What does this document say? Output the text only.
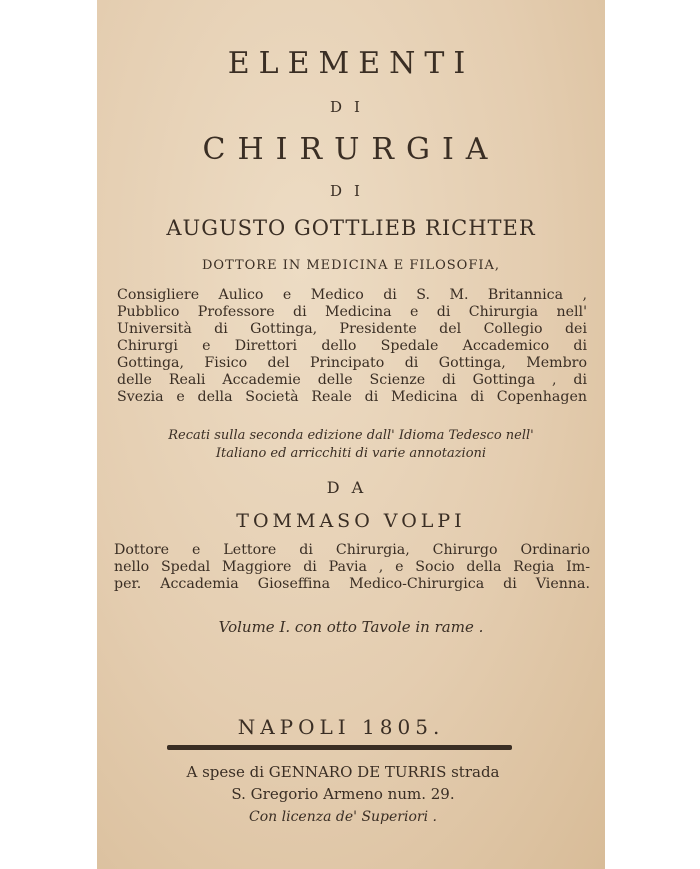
ELEMENTI
DI
CHIRURGIA
DI
AUGUSTO GOTTLIEB RICHTER
DOTTORE IN MEDICINA E FILOSOFIA,
Consigliere Aulico e Medico di S. M. Britannica ,
Pubblico Professore di Medicina e di Chirurgia nell'
Università di Gottinga, Presidente del Collegio dei
Chirurgi e Direttori dello Spedale Accademico di
Gottinga, Fisico del Principato di Gottinga, Membro
delle Reali Accademie delle Scienze di Gottinga , di
Svezia e della Società Reale di Medicina di Copenhagen
Recati sulla seconda edizione dall' Idioma Tedesco nell'
Italiano ed arricchiti di varie annotazioni
DA
TOMMASO VOLPI
Dottore e Lettore di Chirurgia, Chirurgo Ordinario
nello Spedal Maggiore di Pavia , e Socio della Regia Im-
per. Accademia Gioseffina Medico-Chirurgica di Vienna.
Volume I. con otto Tavole in rame .
NAPOLI 1805.
A spese di GENNARO DE TURRIS strada
S. Gregorio Armeno num. 29.
Con licenza de' Superiori .
